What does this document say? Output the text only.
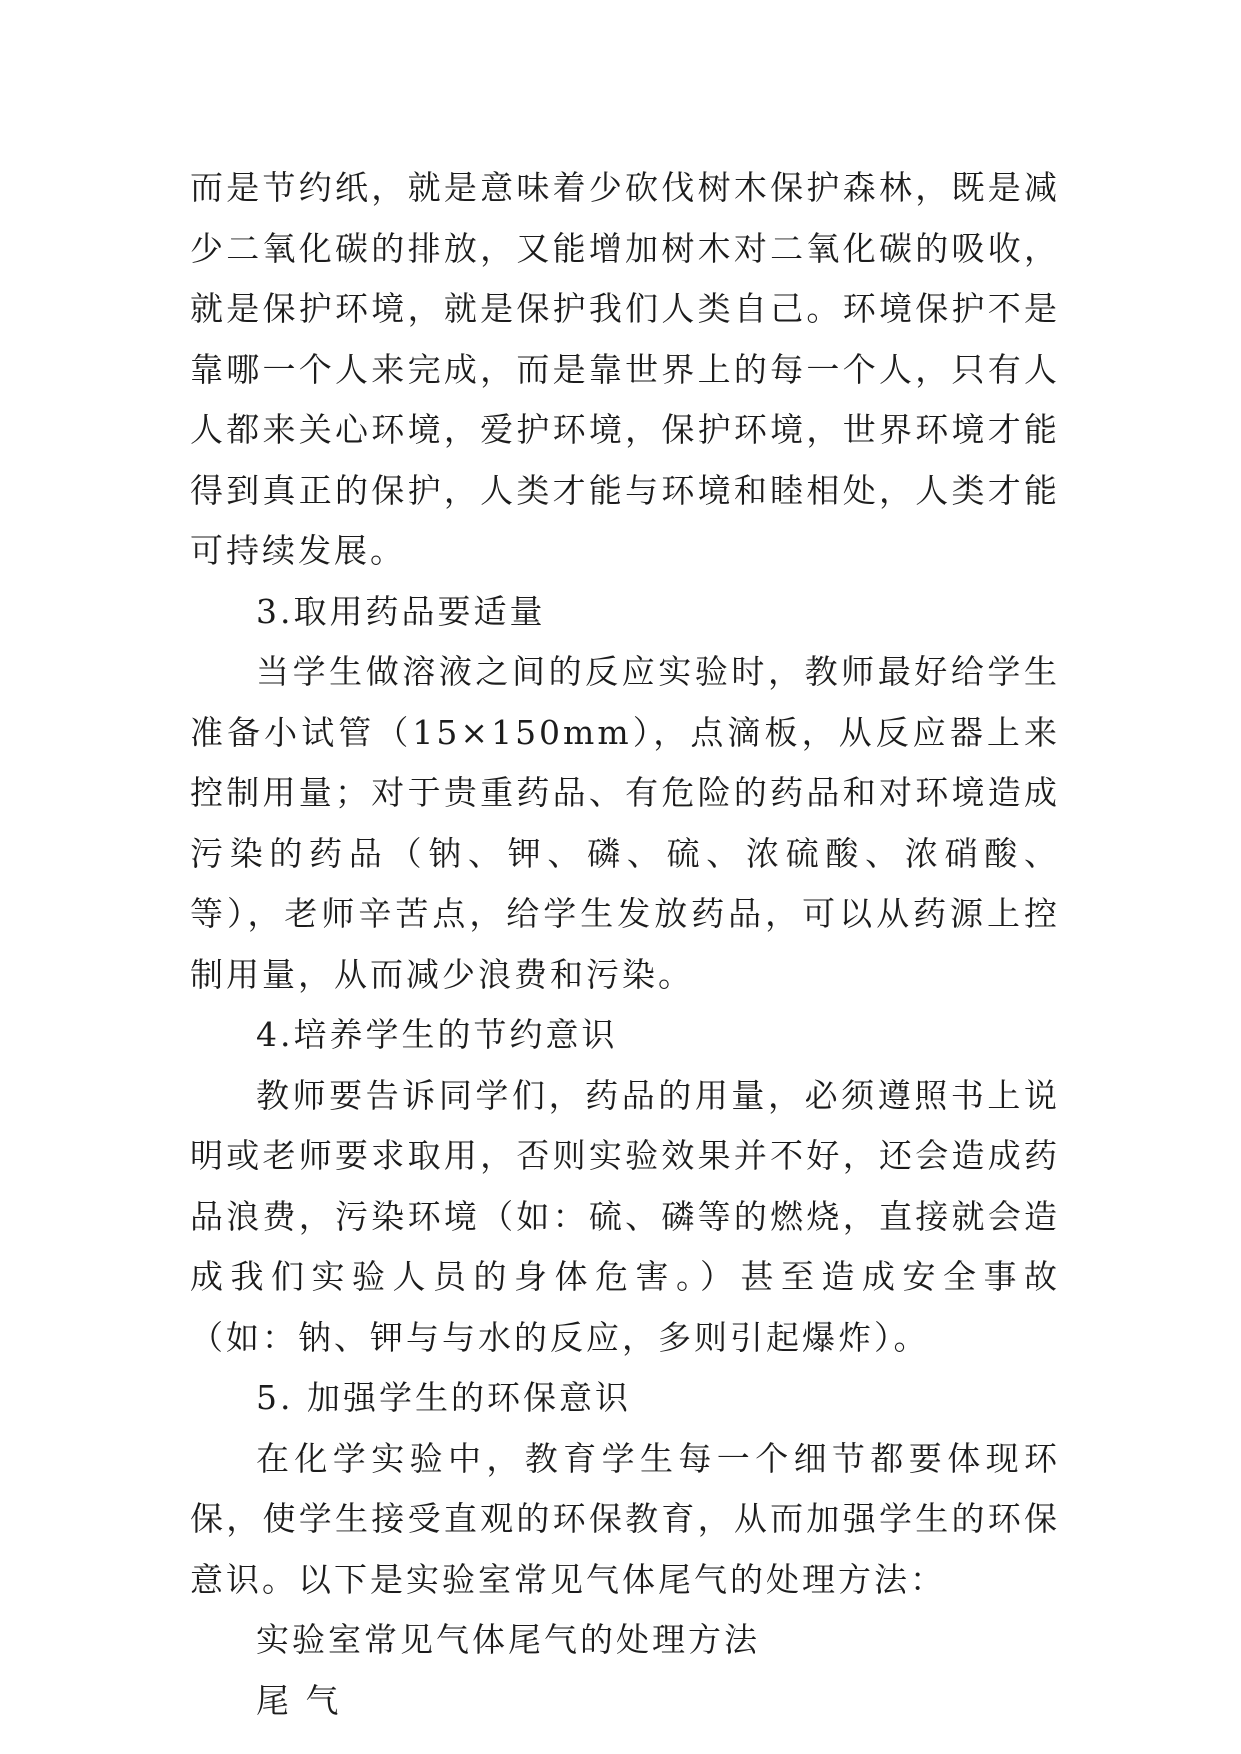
而是节约纸，就是意味着少砍伐树木保护森林，既是减少二氧化碳的排放，又能增加树木对二氧化碳的吸收，就是保护环境，就是保护我们人类自己。环境保护不是靠哪一个人来完成，而是靠世界上的每一个人，只有人人都来关心环境，爱护环境，保护环境，世界环境才能得到真正的保护，人类才能与环境和睦相处，人类才能可持续发展。

3.取用药品要适量

当学生做溶液之间的反应实验时，教师最好给学生准备小试管（15×150mm），点滴板，从反应器上来控制用量；对于贵重药品、有危险的药品和对环境造成污染的药品（钠、钾、磷、硫、浓硫酸、浓硝酸、等），老师辛苦点，给学生发放药品，可以从药源上控制用量，从而减少浪费和污染。

4.培养学生的节约意识

教师要告诉同学们，药品的用量，必须遵照书上说明或老师要求取用，否则实验效果并不好，还会造成药品浪费，污染环境（如：硫、磷等的燃烧，直接就会造成我们实验人员的身体危害。）甚至造成安全事故（如：钠、钾与与水的反应，多则引起爆炸）。

5. 加强学生的环保意识

在化学实验中，教育学生每一个细节都要体现环保，使学生接受直观的环保教育，从而加强学生的环保意识。以下是实验室常见气体尾气的处理方法：

实验室常见气体尾气的处理方法

尾 气
